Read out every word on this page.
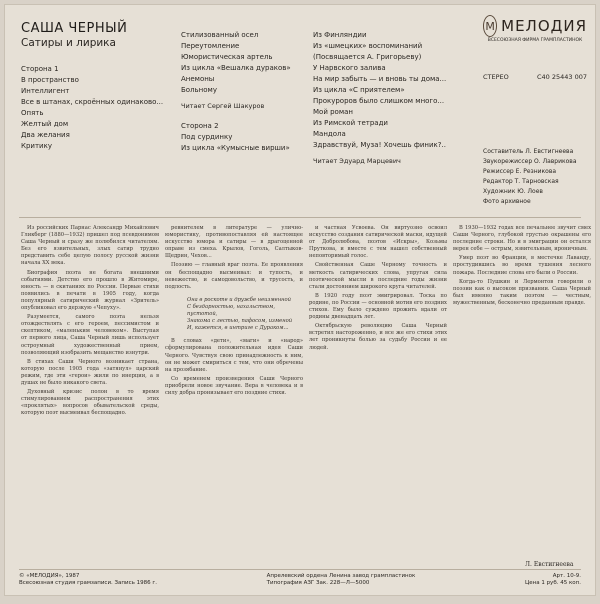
САША ЧЕРНЫЙ
Сатиры и лирика
Сторона 1
В пространство
Интеллигент
Все в штанах, скроённых одинаково...
Опять
Желтый дом
Два желания
Критику
Стилизованный осел
Переутомление
Юмористическая артель
Из цикла «Вешалка дураков»
Анемоны
Больному
Читает Сергей Шакуров
Сторона 2
Под сурдинку
Из цикла «Кумысные вирши»
Из Финляндии
Из «шмецких» воспоминаний
(Посвящается А. Григорьеву)
У Нарвского залива
На мир забыть — и вновь ты дома...
Из цикла «С приятелем»
Прокуроров было слишком много...
Мой роман
Из Римской тетради
Мандола
Здравствуй, Муза! Хочешь финик?..
Читает Эдуард Марцевич
М МЕЛОДИЯ
ВСЕСОЮЗНАЯ ФИРМА ГРАМПЛАСТИНОК
СТЕРЕО	С40 25443 007
Составитель Л. Евстигнеева
Звукорежиссер О. Лаврикова
Режиссер Е. Резникова
Редактор Т. Тарновская
Художник Ю. Лоев
Фото архивное

Из российских Парнас Александр Михайлович Гликберг (1880—1932) пришел под псевдонимом Саша Черный и сразу же полюбился читателям. Без его язвительных, злых сатир трудно представить себе целую полосу русской жизни начала XX века.

Биография поэта не богата внешними событиями. Детство его прошло в Житомире, юность — в скитаниях по России. Первые стихи появились в печати в 1905 году, когда популярный сатирический журнал «Зритель» опубликовал его дерзкую «Чепуху».

Разумеется, самого поэта нельзя отождествлять с его героем, пессимистом и скептиком, «маленьким человеком». Выступая от первого лица, Саша Черный лишь использует остроумный художественный прием, позволяющий изобразить мещанство изнутри.

В стихах Саши Черного возникает страна, которую после 1905 года «затянул» царский режим, где эти «герои» жили по инерции, а в душах не было никакого света.

Духовный кризис полон в то время стимулированием распространения этих «проклятых» вопросов обывательской среды, которую поэт высмеивал беспощадно.

ревнителем в литературе — улично-юмористику, противопоставляя ей настоящее искусство юмора и сатиры — в драгоценной оправе из смеха. Крылов, Гоголь, Салтыков-Щедрин, Чехов...

Поэзию — главный враг поэта. Ее проявления он беспощадно высмеивал: и тупость, и невежество, и самодовольство, и трусость, и подлость.

Она в роскоте и дружбе неизменной
С бездарностью, нахальством, пустотой,
Знакома с лестью, пафосом, изменой
И, кажется, в интриге с Дураком...

В словах «дети», «маги» и «народ» сформулирована положительная идея Саши Черного. Чувствуя свою принадлежность к ним, он не может смириться с тем, что они обречены на прозябание.

Со временем произведения Саши Черного приобрели новое звучание. Вера в человека и в силу добра пронизывает его поздние стихи.

и частная Усвоева. Он виртуозно освоил искусство создания сатирической маски, идущей от Добролюбова, поэтов «Искры», Козьмы Пруткова, и вместе с тем нашел собственный неповторимый голос.

Свойственная Саше Черному точность и меткость сатирических слова, упругая сила поэтической мысли в последние годы жизни стали достоянием широкого круга читателей.

В 1920 году поэт эмигрировал. Тоска по родине, по России — основной мотив его поздних стихов. Ему было суждено прожить вдали от родины двенадцать лет.

Октябрьскую революцию Саша Черный встретил настороженно, и все же его стихи этих лет проникнуты болью за судьбу России и ее людей.

В 1930—1932 годах все печальнее звучит смех Саши Черного, глубокой грустью окрашены его последние строки. Но и в эмиграции он остался верен себе — острым, язвительным, ироничным.

Умер поэт во Франции, в местечке Лаванду, простудившись во время тушения лесного пожара. Последние слова его были о России.

Когда-то Пушкин и Лермонтов говорили о поэзии как о высоком призвании. Саша Черный был именно таким поэтом — честным, мужественным, бесконечно преданным правде.

Л. Евстигнеева
© «МЕЛОДИЯ», 1987
Всесоюзная студия грамзаписи. Запись 1986 г.
Апрелевский ордена Ленина завод грампластинок
Типография АЗГ Зак. 228—Л—5000
Арт. 10-9.
Цена 1 руб. 45 коп.
